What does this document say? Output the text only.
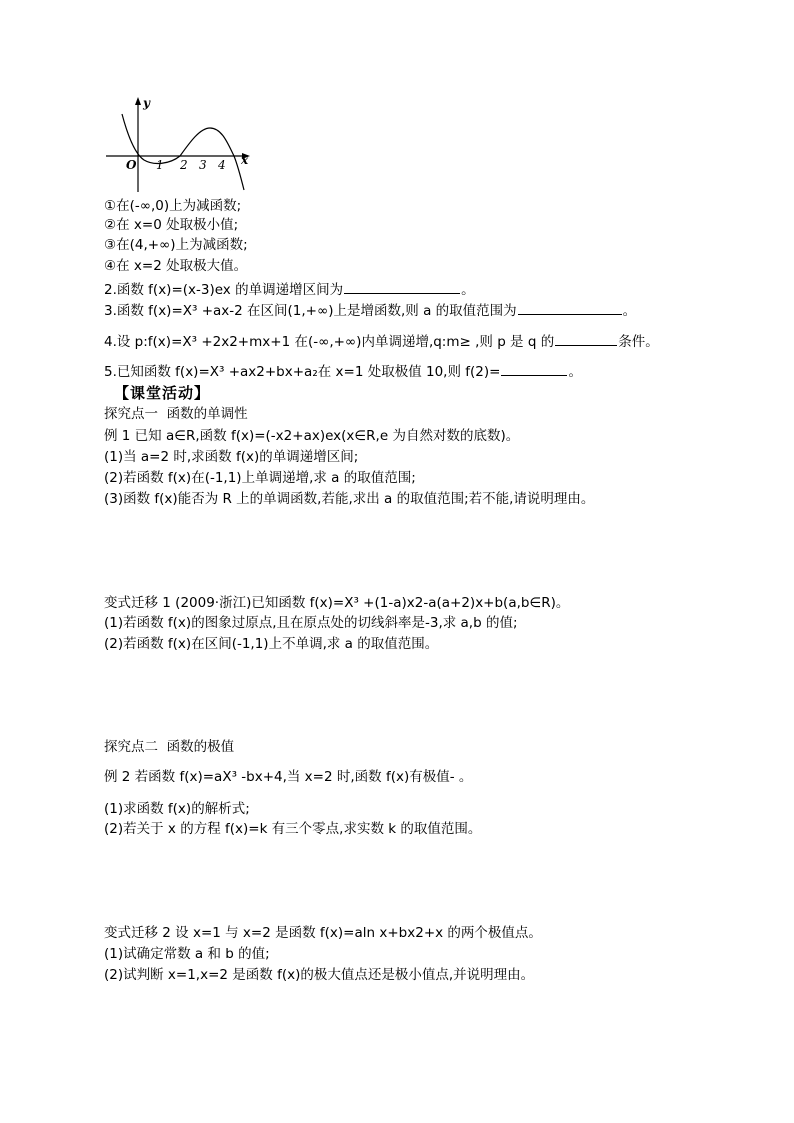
y
x
O 1 2 3 4
①在(-∞,0)上为减函数;
②在 x=0 处取极小值;
③在(4,+∞)上为减函数;
④在 x=2 处取极大值。
2.函数 f(x)=(x-3)ex 的单调递增区间为	。
3.函数 f(x)=X³ +ax-2 在区间(1,+∞)上是增函数,则 a 的取值范围为	。
4.设 p:f(x)=X³ +2x2+mx+1 在(-∞,+∞)内单调递增,q:m≥ ,则 p 是 q 的	条件。
5.已知函数 f(x)=X³ +ax2+bx+a₂在 x=1 处取极值 10,则 f(2)=	。
【课堂活动】
探究点一  函数的单调性
例 1 已知 a∈R,函数 f(x)=(-x2+ax)ex(x∈R,e 为自然对数的底数)。
(1)当 a=2 时,求函数 f(x)的单调递增区间;
(2)若函数 f(x)在(-1,1)上单调递增,求 a 的取值范围;
(3)函数 f(x)能否为 R 上的单调函数,若能,求出 a 的取值范围;若不能,请说明理由。
变式迁移 1 (2009·浙江)已知函数 f(x)=X³ +(1-a)x2-a(a+2)x+b(a,b∈R)。
(1)若函数 f(x)的图象过原点,且在原点处的切线斜率是-3,求 a,b 的值;
(2)若函数 f(x)在区间(-1,1)上不单调,求 a 的取值范围。
探究点二  函数的极值
例 2 若函数 f(x)=aX³ -bx+4,当 x=2 时,函数 f(x)有极值- 。
(1)求函数 f(x)的解析式;
(2)若关于 x 的方程 f(x)=k 有三个零点,求实数 k 的取值范围。
变式迁移 2 设 x=1 与 x=2 是函数 f(x)=aln x+bx2+x 的两个极值点。
(1)试确定常数 a 和 b 的值;
(2)试判断 x=1,x=2 是函数 f(x)的极大值点还是极小值点,并说明理由。
